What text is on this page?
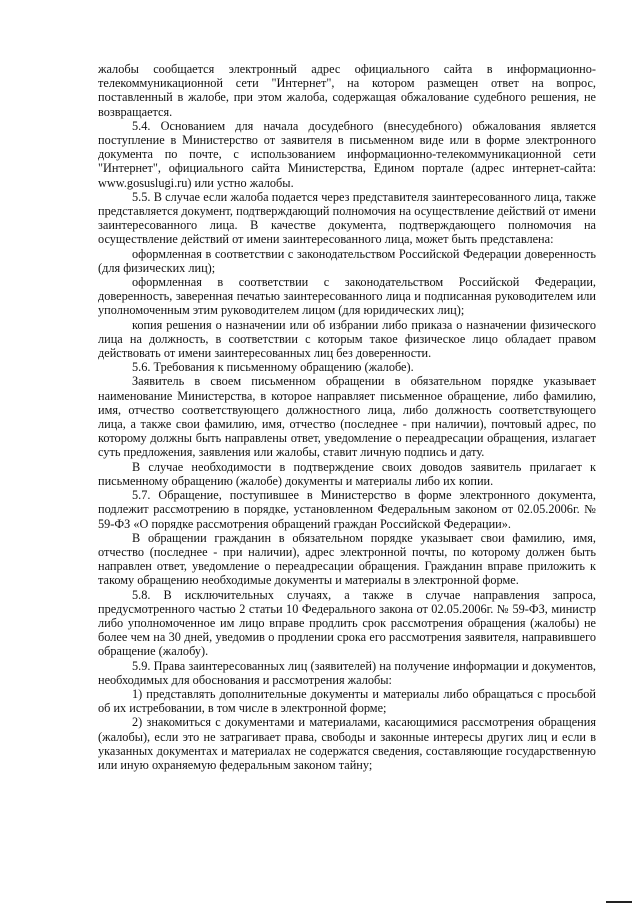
жалобы сообщается электронный адрес официального сайта в информационно-телекоммуникационной сети "Интернет", на котором размещен ответ на вопрос, поставленный в жалобе, при этом жалоба, содержащая обжалование судебного решения, не возвращается.

5.4. Основанием для начала досудебного (внесудебного) обжалования является поступление в Министерство от заявителя в письменном виде или в форме электронного документа по почте, с использованием информационно-телекоммуникационной сети "Интернет", официального сайта Министерства, Едином портале (адрес интернет-сайта: www.gosuslugi.ru) или устно жалобы.

5.5. В случае если жалоба подается через представителя заинтересованного лица, также представляется документ, подтверждающий полномочия на осуществление действий от имени заинтересованного лица. В качестве документа, подтверждающего полномочия на осуществление действий от имени заинтересованного лица, может быть представлена:

оформленная в соответствии с законодательством Российской Федерации доверенность (для физических лиц);

оформленная в соответствии с законодательством Российской Федерации, доверенность, заверенная печатью заинтересованного лица и подписанная руководителем или уполномоченным этим руководителем лицом (для юридических лиц);

копия решения о назначении или об избрании либо приказа о назначении физического лица на должность, в соответствии с которым такое физическое лицо обладает правом действовать от имени заинтересованных лиц без доверенности.

5.6. Требования к письменному обращению (жалобе).

Заявитель в своем письменном обращении в обязательном порядке указывает наименование Министерства, в которое направляет письменное обращение, либо фамилию, имя, отчество соответствующего должностного лица, либо должность соответствующего лица, а также свои фамилию, имя, отчество (последнее - при наличии), почтовый адрес, по которому должны быть направлены ответ, уведомление о переадресации обращения, излагает суть предложения, заявления или жалобы, ставит личную подпись и дату.

В случае необходимости в подтверждение своих доводов заявитель прилагает к письменному обращению (жалобе) документы и материалы либо их копии.

5.7. Обращение, поступившее в Министерство в форме электронного документа, подлежит рассмотрению в порядке, установленном Федеральным законом от 02.05.2006г. № 59-ФЗ «О порядке рассмотрения обращений граждан Российской Федерации».

В обращении гражданин в обязательном порядке указывает свои фамилию, имя, отчество (последнее - при наличии), адрес электронной почты, по которому должен быть направлен ответ, уведомление о переадресации обращения. Гражданин вправе приложить к такому обращению необходимые документы и материалы в электронной форме.

5.8. В исключительных случаях, а также в случае направления запроса, предусмотренного частью 2 статьи 10 Федерального закона от 02.05.2006г. № 59-ФЗ, министр либо уполномоченное им лицо вправе продлить срок рассмотрения обращения (жалобы) не более чем на 30 дней, уведомив о продлении срока его рассмотрения заявителя, направившего обращение (жалобу).

5.9. Права заинтересованных лиц (заявителей) на получение информации и документов, необходимых для обоснования и рассмотрения жалобы:

1) представлять дополнительные документы и материалы либо обращаться с просьбой об их истребовании, в том числе в электронной форме;

2) знакомиться с документами и материалами, касающимися рассмотрения обращения (жалобы), если это не затрагивает права, свободы и законные интересы других лиц и если в указанных документах и материалах не содержатся сведения, составляющие государственную или иную охраняемую федеральным законом тайну;
